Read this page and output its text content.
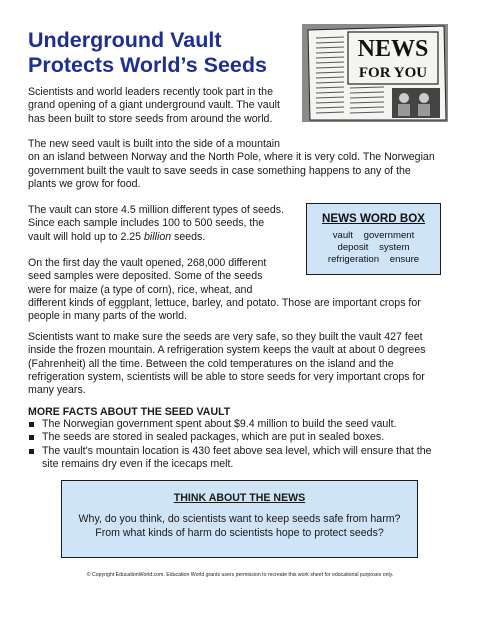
Underground Vault
Protects World’s Seeds
NEWS
FOR YOU
Scientists and world leaders recently took part in the
grand opening of a giant underground vault. The vault
has been built to store seeds from around the world.
The new seed vault is built into the side of a mountain
on an island between Norway and the North Pole, where it is very cold. The Norwegian
government built the vault to save seeds in case something happens to any of the
plants we grow for food.
The vault can store 4.5 million different types of seeds.
Since each sample includes 100 to 500 seeds, the
vault will hold up to 2.25 billion seeds.
NEWS WORD BOX
vault    government
deposit    system
refrigeration    ensure
On the first day the vault opened, 268,000 different
seed samples were deposited. Some of the seeds
were for maize (a type of corn), rice, wheat, and
different kinds of eggplant, lettuce, barley, and potato. Those are important crops for
people in many parts of the world.
Scientists want to make sure the seeds are very safe, so they built the vault 427 feet
inside the frozen mountain. A refrigeration system keeps the vault at about 0 degrees
(Fahrenheit) all the time. Between the cold temperatures on the island and the
refrigeration system, scientists will be able to store seeds for very important crops for
many years.
MORE FACTS ABOUT THE SEED VAULT
The Norwegian government spent about $9.4 million to build the seed vault.
The seeds are stored in sealed packages, which are put in sealed boxes.
The vault's mountain location is 430 feet above sea level, which will ensure that the
site remains dry even if the icecaps melt.
THINK ABOUT THE NEWS
Why, do you think, do scientists want to keep seeds safe from harm?
From what kinds of harm do scientists hope to protect seeds?
© Copyright EducationWorld.com. Education World grants users permission to recreate this work sheet for educational purposes only.
